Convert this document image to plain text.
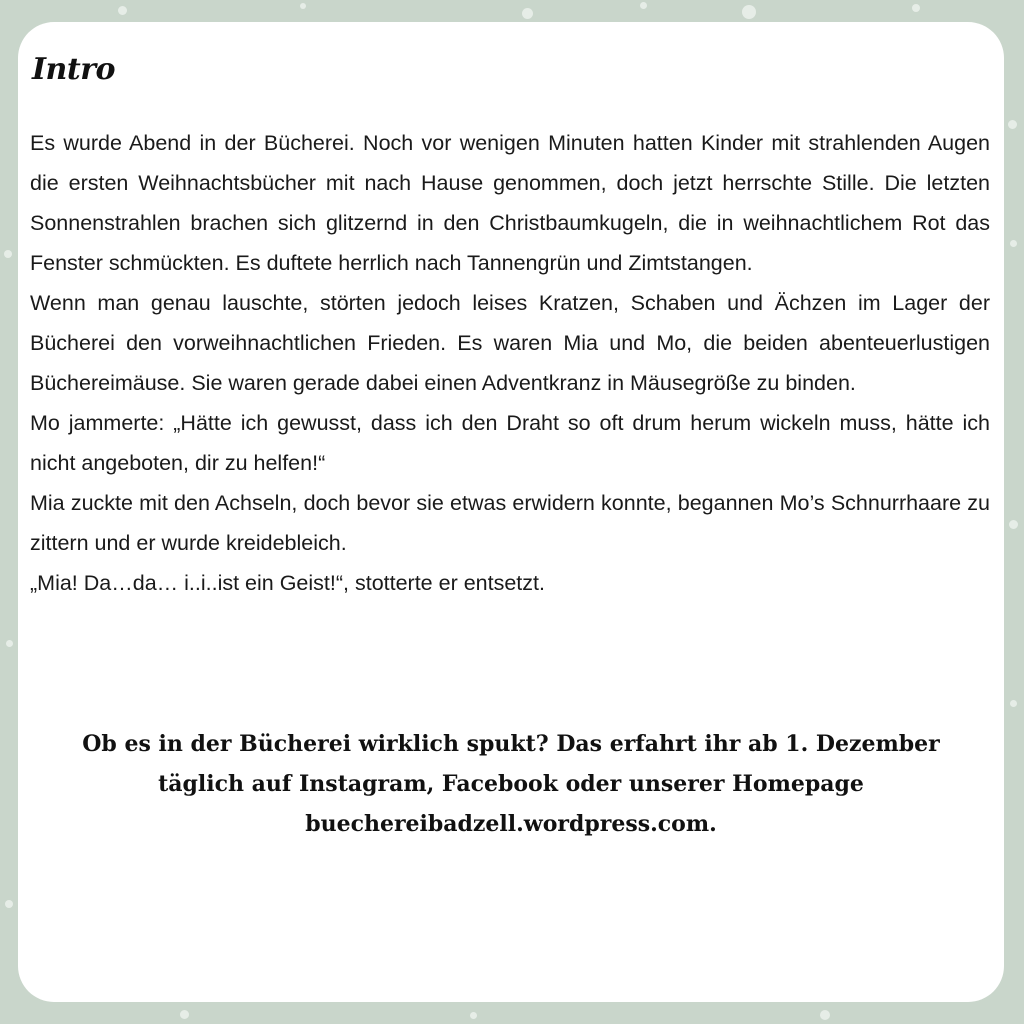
Intro

Es wurde Abend in der Bücherei. Noch vor wenigen Minuten hatten Kinder mit strahlenden Augen die ersten Weihnachtsbücher mit nach Hause genommen, doch jetzt herrschte Stille. Die letzten Sonnenstrahlen brachen sich glitzernd in den Christbaumkugeln, die in weihnachtlichem Rot das Fenster schmückten. Es duftete herrlich nach Tannengrün und Zimtstangen.

Wenn man genau lauschte, störten jedoch leises Kratzen, Schaben und Ächzen im Lager der Bücherei den vorweihnachtlichen Frieden. Es waren Mia und Mo, die beiden abenteuerlustigen Büchereimäuse. Sie waren gerade dabei einen Adventkranz in Mäusegröße zu binden.

Mo jammerte: „Hätte ich gewusst, dass ich den Draht so oft drum herum wickeln muss, hätte ich nicht angeboten, dir zu helfen!“

Mia zuckte mit den Achseln, doch bevor sie etwas erwidern konnte, begannen Mo’s Schnurrhaare zu zittern und er wurde kreidebleich.

„Mia! Da…da… i..i..ist ein Geist!“, stotterte er entsetzt.

Ob es in der Bücherei wirklich spukt? Das erfahrt ihr ab 1. Dezember
täglich auf Instagram, Facebook oder unserer Homepage
buechereibadzell.wordpress.com.
